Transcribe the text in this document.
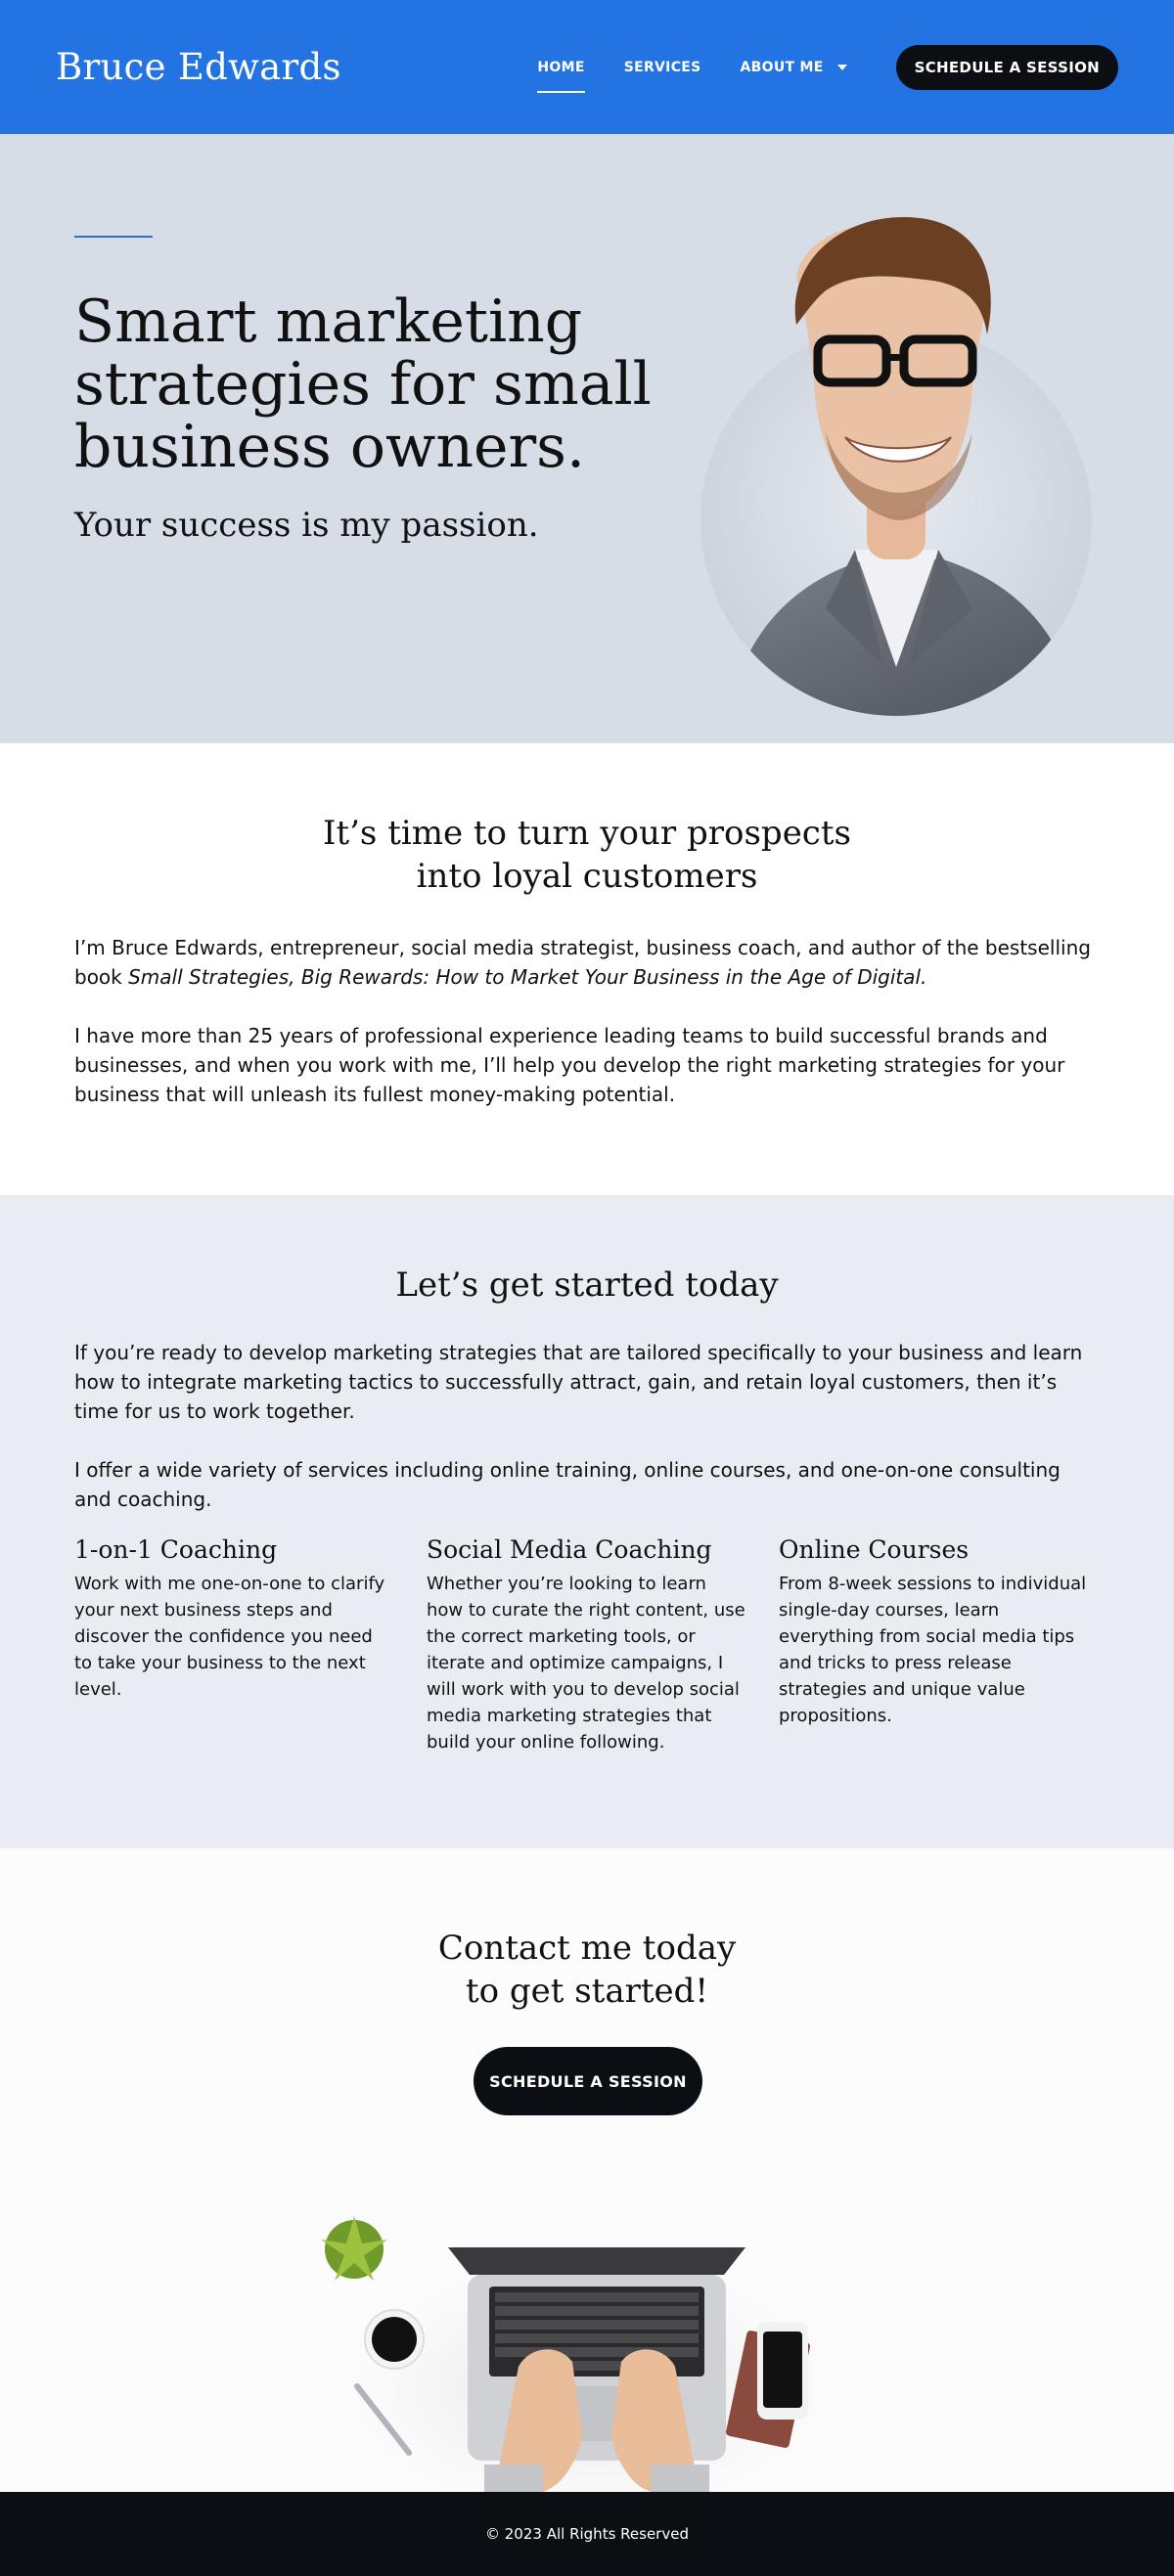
Bruce Edwards	HOME	SERVICES	ABOUT ME	SCHEDULE A SESSION
Smart marketing strategies for small business owners.
Your success is my passion.
It’s time to turn your prospects
into loyal customers

I’m Bruce Edwards, entrepreneur, social media strategist, business coach, and author of the bestselling book Small Strategies, Big Rewards: How to Market Your Business in the Age of Digital.

I have more than 25 years of professional experience leading teams to build successful brands and businesses, and when you work with me, I’ll help you develop the right marketing strategies for your business that will unleash its fullest money-making potential.

Let’s get started today

If you’re ready to develop marketing strategies that are tailored specifically to your business and learn how to integrate marketing tactics to successfully attract, gain, and retain loyal customers, then it’s time for us to work together.

I offer a wide variety of services including online training, online courses, and one-on-one consulting and coaching.

1-on-1 Coaching

Work with me one-on-one to clarify your next business steps and discover the confidence you need to take your business to the next level.

Social Media Coaching

Whether you’re looking to learn how to curate the right content, use the correct marketing tools, or iterate and optimize campaigns, I will work with you to develop social media marketing strategies that build your online following.

Online Courses

From 8-week sessions to individual single-day courses, learn everything from social media tips and tricks to press release strategies and unique value propositions.

Contact me today
to get started!
SCHEDULE A SESSION
© 2023 All Rights Reserved
